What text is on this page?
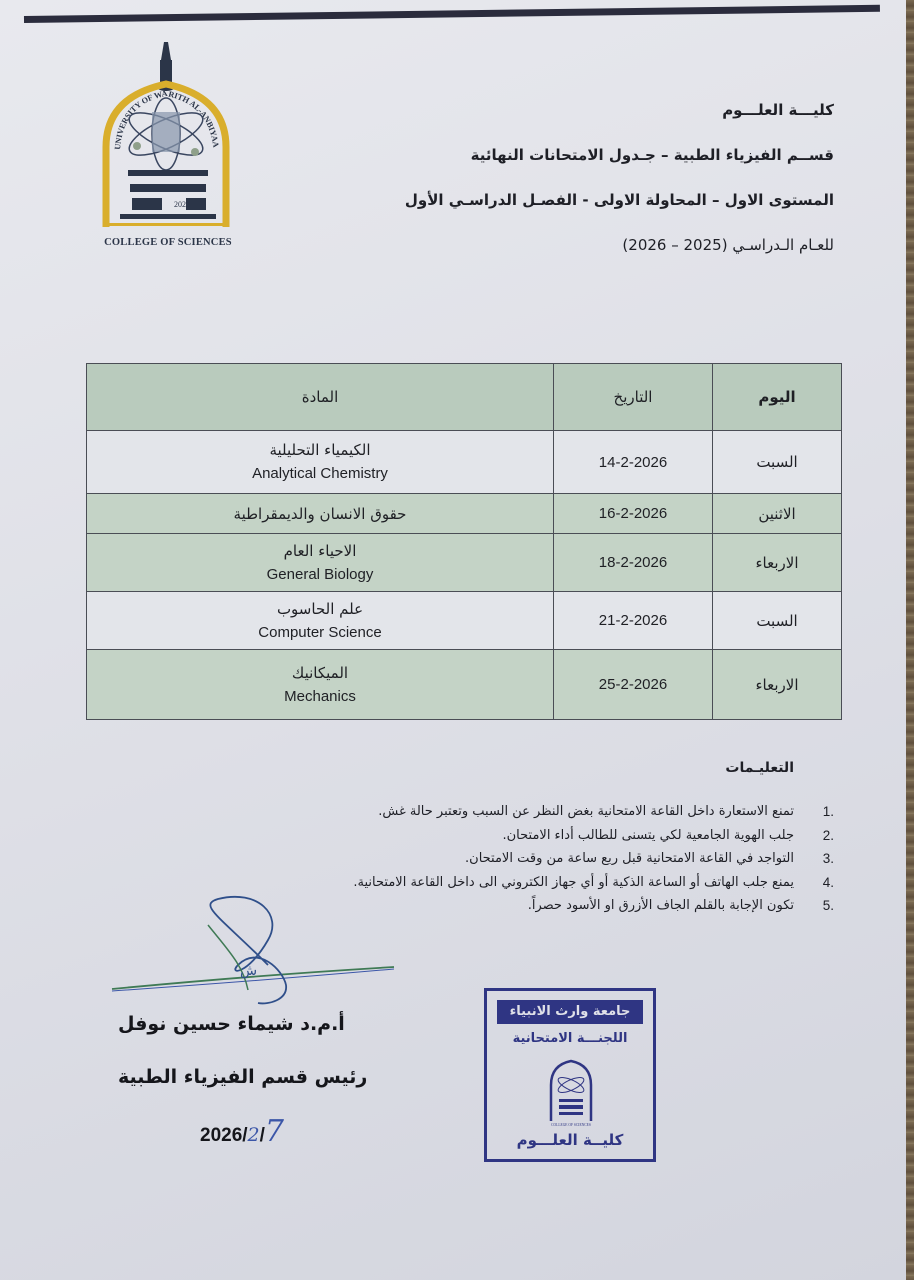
UNIVERSITY OF WARITH AL-ANBIYAA
2023
COLLEGE OF SCIENCES
كليـــة العلـــوم
قســم الفيزياء الطبية – جـدول الامتحانات النهائية
المستوى الاول – المحاولة الاولى - الفصـل الدراسـي الأول
للعـام الـدراسـي (2025 – 2026)
اليوم	التاريخ	المادة
السبت	14-2-2026	الكيمياء التحليلية
Analytical Chemistry

الاثنين	16-2-2026	حقوق الانسان والديمقراطية

الاربعاء	18-2-2026	الاحياء العام
General Biology

السبت	21-2-2026	علم الحاسوب
Computer Science

الاربعاء	25-2-2026	الميكانيك
Mechanics
التعليـمات
1.
تمنع الاستعارة داخل القاعة الامتحانية بغض النظر عن السبب وتعتبر حالة غش.
2.
جلب الهوية الجامعية لكي يتسنى للطالب أداء الامتحان.
3.
التواجد في القاعة الامتحانية قبل ربع ساعة من وقت الامتحان.
4.
يمنع جلب الهاتف أو الساعة الذكية أو أي جهاز الكتروني الى داخل القاعة الامتحانية.
5.
تكون الإجابة بالقلم الجاف الأزرق او الأسود حصراً.
ش
أ.م.د شيماء حسين نوفل
رئيس قسم الفيزياء الطبية
2026/2/7
جامعة وارث الانبياء
اللجنـــة الامتحانية
COLLEGE OF SCIENCES
كليــة العلـــوم
